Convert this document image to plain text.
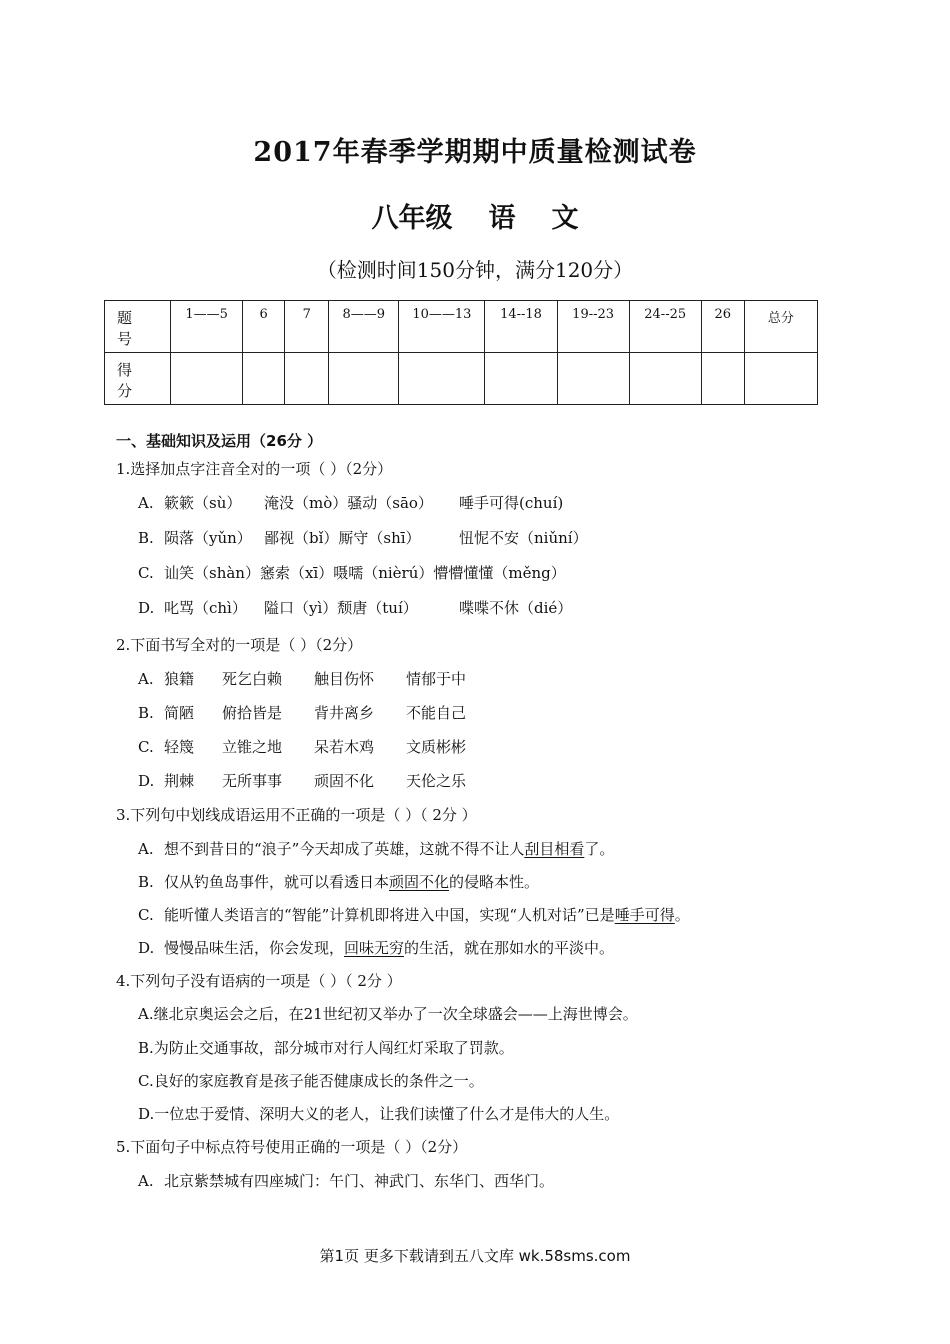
2017年春季学期期中质量检测试卷
八年级 语 文
（检测时间150分钟，满分120分）
题 号	1——5	6	7	8——9	10——13	14--18	19--23	24--25	26	总分
得 分										
一、基础知识及运用（26分 ）
1.选择加点字注音全对的一项（ ）（2分）
A. 簌簌（sù） 淹没（mò）骚动（sāo） 唾手可得(chuí)
B. 陨落（yǔn） 鄙视（bǐ）厮守（shī）	忸怩不安（niǔní）
C. 讪笑（shàn）窸索（xī）嗫嚅（nièrú）懵懵懂懂（měng）
D. 叱骂（chì） 隘口（yì）颓唐（tuí）	喋喋不休（dié）
2.下面书写全对的一项是（ ）（2分）
A. 狼籍 死乞白赖 触目伤怀 情郁于中
B. 简陋 俯拾皆是 背井离乡 不能自己
C. 轻篾 立锥之地 呆若木鸡 文质彬彬
D. 荆棘 无所事事 顽固不化 天伦之乐
3.下列句中划线成语运用不正确的一项是（ ）（ 2分 ）
A. 想不到昔日的“浪子”今天却成了英雄，这就不得不让人刮目相看了。
B. 仅从钓鱼岛事件，就可以看透日本顽固不化的侵略本性。
C. 能听懂人类语言的“智能”计算机即将进入中国，实现“人机对话”已是唾手可得。
D. 慢慢品味生活，你会发现，回味无穷的生活，就在那如水的平淡中。
4.下列句子没有语病的一项是（ ）（ 2分 ）
A.继北京奥运会之后，在21世纪初又举办了一次全球盛会——上海世博会。
B.为防止交通事故，部分城市对行人闯红灯采取了罚款。
C.良好的家庭教育是孩子能否健康成长的条件之一。
D.一位忠于爱情、深明大义的老人，让我们读懂了什么才是伟大的人生。
5.下面句子中标点符号使用正确的一项是（ ）（2分）
A. 北京紫禁城有四座城门：午门、神武门、东华门、西华门。
第1页 更多下载请到五八文库 wk.58sms.com
